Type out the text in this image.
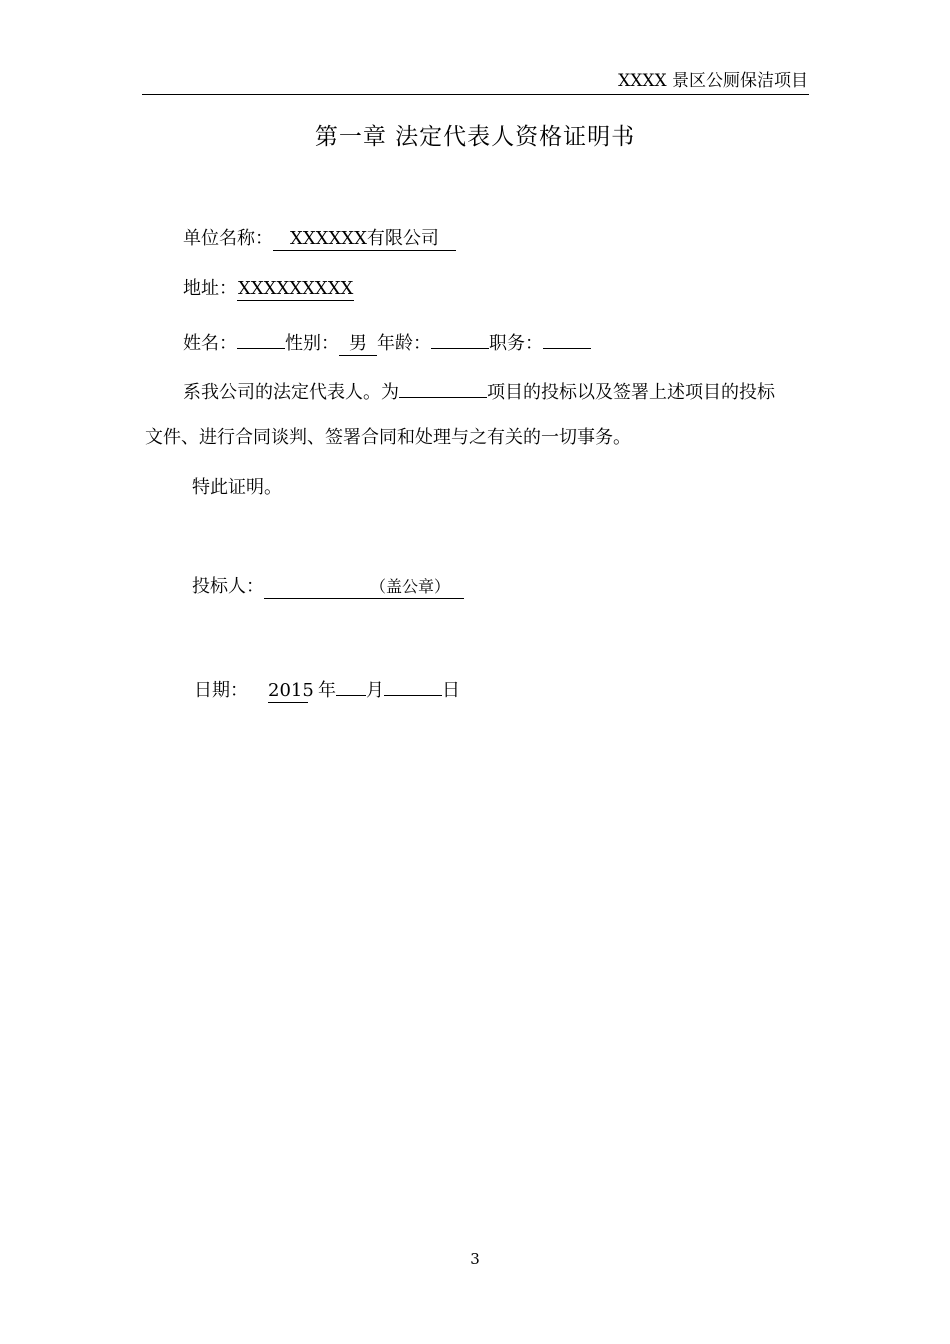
XXXX 景区公厕保洁项目
第一章 法定代表人资格证明书
单位名称： XXXXXX有限公司
地址：XXXXXXXXX
姓名：	性别： 男 年龄：	职务：
系我公司的法定代表人。为	项目的投标以及签署上述项目的投标
文件、进行合同谈判、签署合同和处理与之有关的一切事务。
特此证明。
投标人：	（盖公章）
日期： 2015 年 月	日
3
